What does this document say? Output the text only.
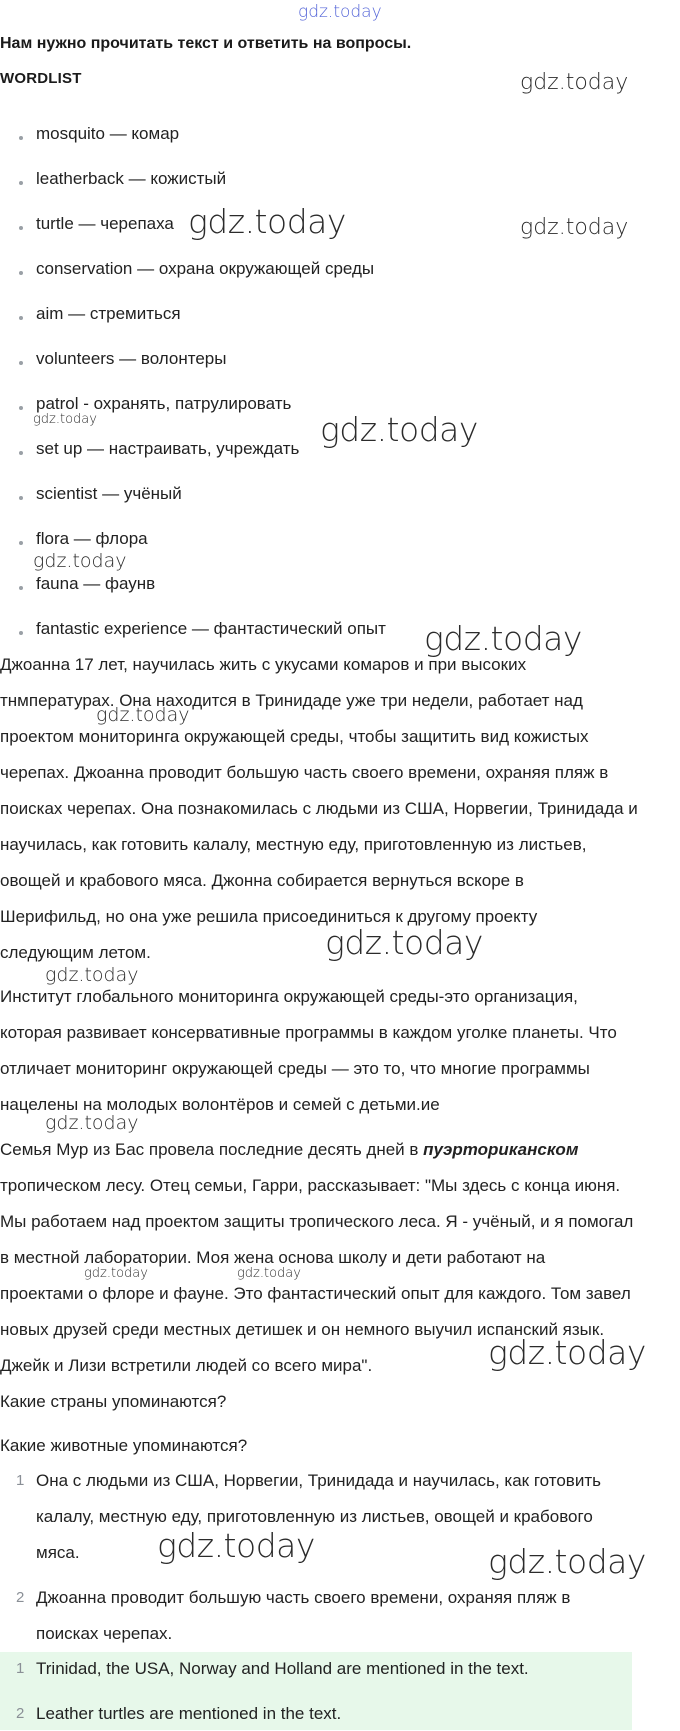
gdz.today
Нам нужно прочитать текст и ответить на вопросы.
WORDLIST
mosquito — комар
leatherback — кожистый
turtle — черепаха
conservation — охрана окружающей среды
aim — стремиться
volunteers — волонтеры
patrol - охранять, патрулировать
set up — настраивать, учреждать
scientist — учёный
flora — флора
fauna — фаунв
fantastic experience — фантастический опыт
Джоанна 17 лет, научилась жить с укусами комаров и при высоких
тнмпературах. Она находится в Тринидаде уже три недели, работает над
проектом мониторинга окружающей среды, чтобы защитить вид кожистых
черепах. Джоанна проводит большую часть своего времени, охраняя пляж в
поисках черепах. Она познакомилась с людьми из США, Норвегии, Тринидада и
научилась, как готовить калалу, местную еду, приготовленную из листьев,
овощей и крабового мяса. Джонна собирается вернуться вскоре в
Шерифильд, но она уже решила присоединиться к другому проекту
следующим летом.
Институт глобального мониторинга окружающей среды-это организация,
которая развивает консервативные программы в каждом уголке планеты. Что
отличает мониторинг окружающей среды — это то, что многие программы
нацелены на молодых волонтёров и семей с детьми.ие
Семья Мур из Бас провела последние десять дней в пуэрториканском
тропическом лесу. Отец семьи, Гарри, рассказывает: "Мы здесь с конца июня.
Мы работаем над проектом защиты тропического леса. Я - учёный, и я помогал
в местной лаборатории. Моя жена основа школу и дети работают на
проектами о флоре и фауне. Это фантастический опыт для каждого. Том завел
новых друзей среди местных детишек и он немного выучил испанский язык.
Джейк и Лизи встретили людей со всего мира".
Какие страны упоминаются?
Какие животные упоминаются?
1 Она с людьми из США, Норвегии, Тринидада и научилась, как готовить
калалу, местную еду, приготовленную из листьев, овощей и крабового
мяса.
2 Джоанна проводит большую часть своего времени, охраняя пляж в
поисках черепах.
1 Trinidad, the USA, Norway and Holland are mentioned in the text.
2 Leather turtles are mentioned in the text.
gdz.today
gdz.today	gdz.today
gdz.today	gdz.today
gdz.today
gdz.today
gdz.today
gdz.today
gdz.today
gdz.today
gdz.today	gdz.today
gdz.today
gdz.today	gdz.today
